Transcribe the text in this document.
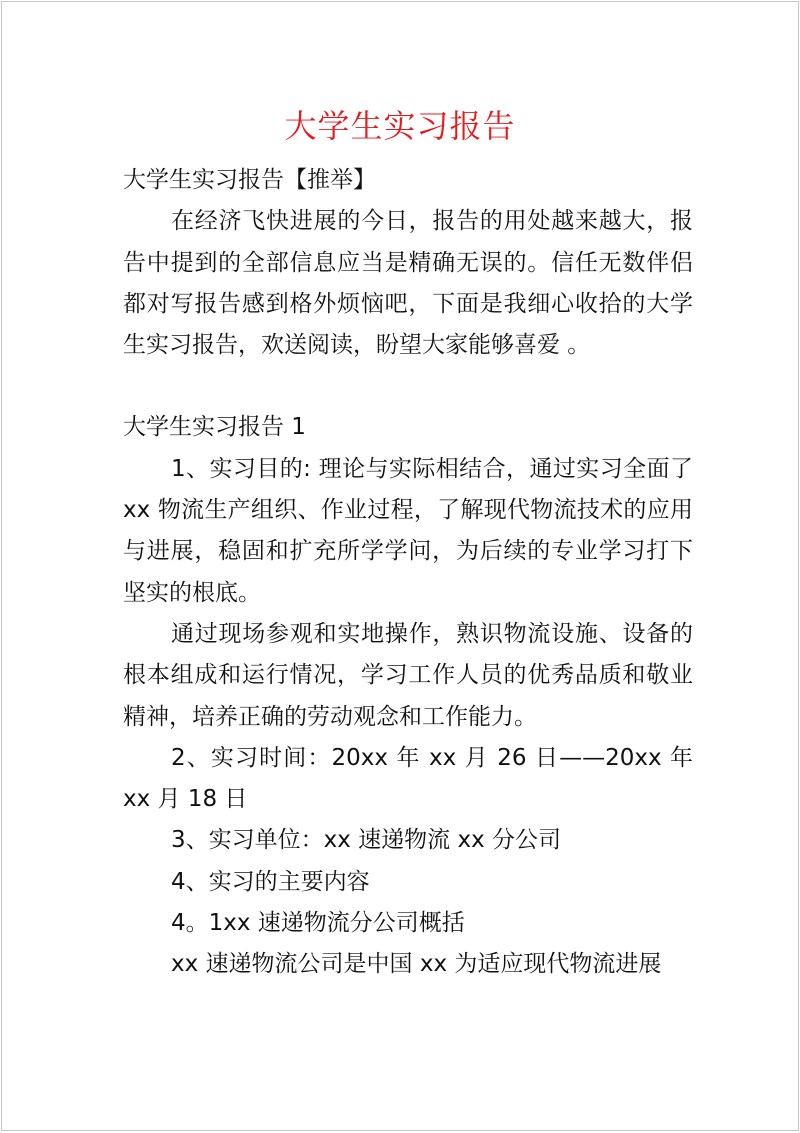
大学生实习报告

大学生实习报告【推举】

在经济飞快进展的今日，报告的用处越来越大，报告中提到的全部信息应当是精确无误的。信任无数伴侣都对写报告感到格外烦恼吧，下面是我细心收拾的大学生实习报告，欢送阅读，盼望大家能够喜爱 。

大学生实习报告 1

1、实习目的: 理论与实际相结合，通过实习全面了 xx 物流生产组织、作业过程，了解现代物流技术的应用与进展，稳固和扩充所学学问，为后续的专业学习打下坚实的根底。

通过现场参观和实地操作，熟识物流设施、设备的根本组成和运行情况，学习工作人员的优秀品质和敬业精神，培养正确的劳动观念和工作能力。

2、实习时间：20xx 年 xx 月 26 日——20xx 年 xx 月 18 日

3、实习单位：xx 速递物流 xx 分公司

4、实习的主要内容

4。1xx 速递物流分公司概括

xx 速递物流公司是中国 xx 为适应现代物流进展
